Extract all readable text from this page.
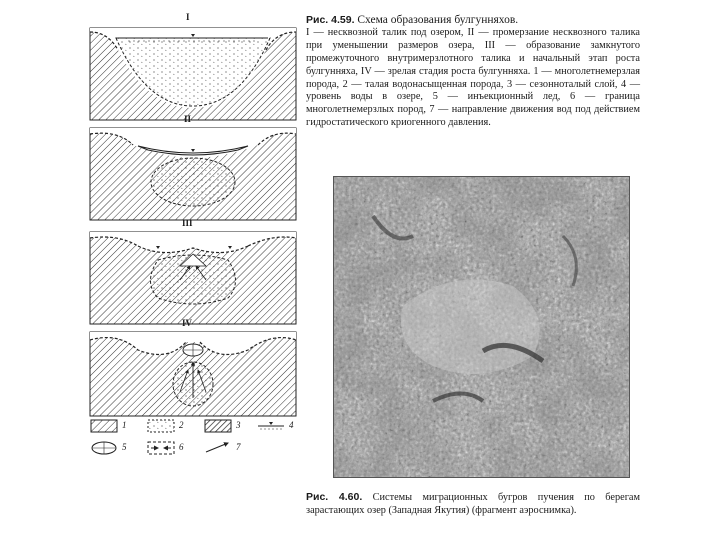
I
II
III
IV
1	2	3	4
5	6	7
Рис. 4.59. Схема образования булгунняхов.
I — несквозной талик под озером, II — промерзание несквозного талика при уменьшении размеров озера, III — образование замкнутого промежуточного внутримерзлотного талика и начальный этап роста булгунняха, IV — зрелая стадия роста булгунняха. 1 — многолетнемерзлая порода, 2 — талая водонасыщенная порода, 3 — сезонноталый слой, 4 — уровень воды в озере, 5 — инъекционный лед, 6 — граница многолетнемерзлых пород, 7 — направление движения вод под действием гидростатического криогенного давления.
Рис. 4.60. Системы миграционных бугров пучения по берегам зарастающих озер (Западная Якутия) (фрагмент аэроснимка).
